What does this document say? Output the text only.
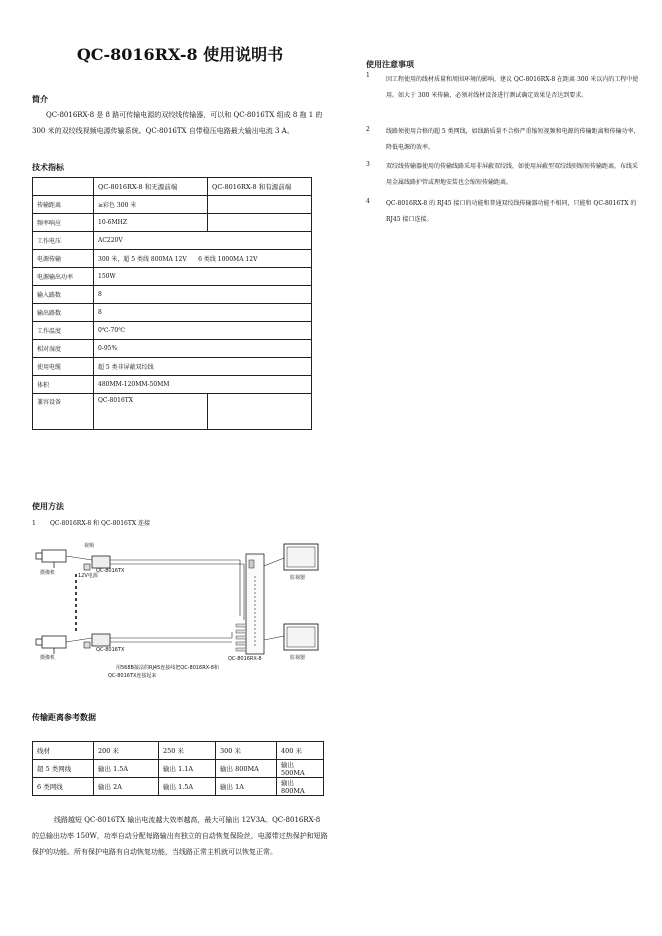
QC-8016RX-8 使用说明书
简介
QC-8016RX-8 是 8 路可传输电源的双绞线传输器，可以和 QC-8016TX 组成 8 拖 1 的 300 米的双绞线视频电源传输系统。QC-8016TX 自带稳压电路最大输出电流 3 A。
技术指标
	QC-8016RX-8 和无源前端	QC-8016RX-8 和有源前端
传输距离	≥彩色 300 米	
频率响应	10-6MHZ	
工作电压	AC220V	
电源传输	300 米，超 5 类线 800MA 12V      6 类线 1000MA 12V	
电源输出功率	150W	
输入路数	8	
输出路数	8	
工作温度	0℃-70℃	
相对湿度	0-95%	
使用电缆	超 5 类非屏蔽双绞线	
体积	480MM-120MM-50MM	
兼容设备	QC-8016TX	
使用注意事项
1
因工程使用的线材质量和周围环境的影响，建议 QC-8016RX-8 在距离 300 米以内的工程中使用。如大于 300 米传输，必须对线材设备进行测试确定效果是否达到要求。
2	线路须使用合格的超 5 类网线，如线路质量不合格严重缩短视频和电源的传输距离和传输功率，降低电源的效率。
3	双绞线传输器使用的传输线路采用非屏蔽双绞线，如使用屏蔽型双绞线则缩短传输距离，布线采用金属线路护管或理地安装也会缩短传输距离。
4	QC-8016RX-8 的 RJ45 接口的功能和普通双绞线传输器功能不相同，只能和 QC-8016TX 的 RJ45 接口连接。
使用方法
1 QC-8016RX-8 和 QC-8016TX 连接
摄像机
摄像机
视频
12V电源
QC-8016TX
QC-8016TX
QC-8016RX-8
监视器
监视器
用568B接法的RJ45连接线把QC-8016RX-8和
QC-8016TX连接起来
传输距离参考数据
线材	200 米	250 米	300 米	400 米
超 5 类网线	输出 1.5A	输出 1.1A	输出 800MA	输出 500MA
6 类网线	输出 2A	输出 1.5A	输出 1A	输出 800MA
线路越短 QC-8016TX 输出电流越大效率越高，最大可输出 12V3A。QC-8016RX-8 的总输出功率 150W，功率自动分配每路输出有独立的自动恢复保险丝，电源带过热保护和短路保护的功能。所有保护电路有自动恢复功能，当线路正常主机就可以恢复正常。
